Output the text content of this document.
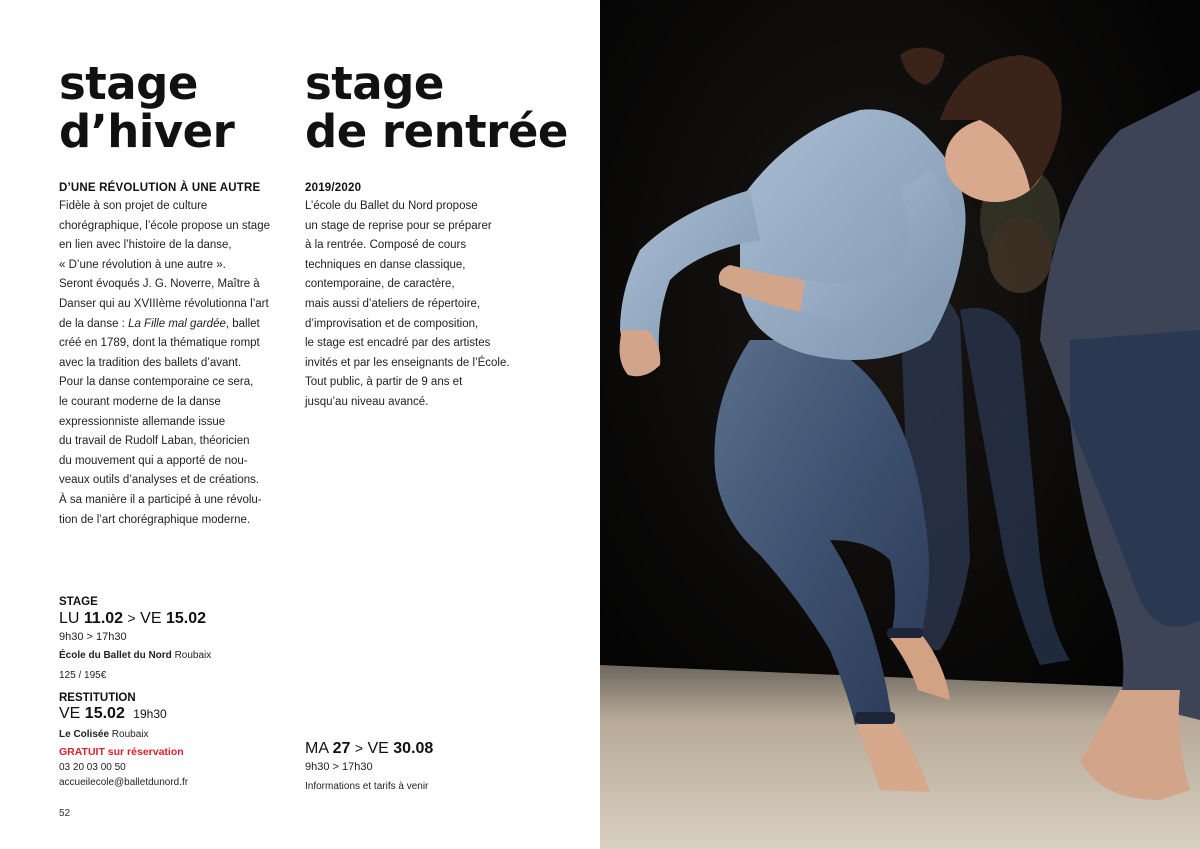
stage
d’hiver
D’UNE RÉVOLUTION À UNE AUTRE
Fidèle à son projet de culture
chorégraphique, l’école propose un stage
en lien avec l’histoire de la danse,
« D’une révolution à une autre ».
Seront évoqués J. G. Noverre, Maître à
Danser qui au XVIIIème révolutionna l’art
de la danse : La Fille mal gardée, ballet
créé en 1789, dont la thématique rompt
avec la tradition des ballets d’avant.
Pour la danse contemporaine ce sera,
le courant moderne de la danse
expressionniste allemande issue
du travail de Rudolf Laban, théoricien
du mouvement qui a apporté de nou-
veaux outils d’analyses et de créations.
À sa manière il a participé à une révolu-
tion de l’art chorégraphique moderne.
stage
de rentrée
2019/2020
L’école du Ballet du Nord propose
un stage de reprise pour se préparer
à la rentrée. Composé de cours
techniques en danse classique,
contemporaine, de caractère,
mais aussi d’ateliers de répertoire,
d’improvisation et de composition,
le stage est encadré par des artistes
invités et par les enseignants de l’École.
Tout public, à partir de 9 ans et
jusqu’au niveau avancé.
STAGE
LU 11.02 > VE 15.02
9h30 > 17h30
École du Ballet du Nord Roubaix
125 / 195€
RESTITUTION
VE 15.02 19h30
Le Colisée Roubaix
GRATUIT sur réservation
03 20 03 00 50
accueilecole@balletdunord.fr
MA 27 > VE 30.08
9h30 > 17h30
Informations et tarifs à venir
52
